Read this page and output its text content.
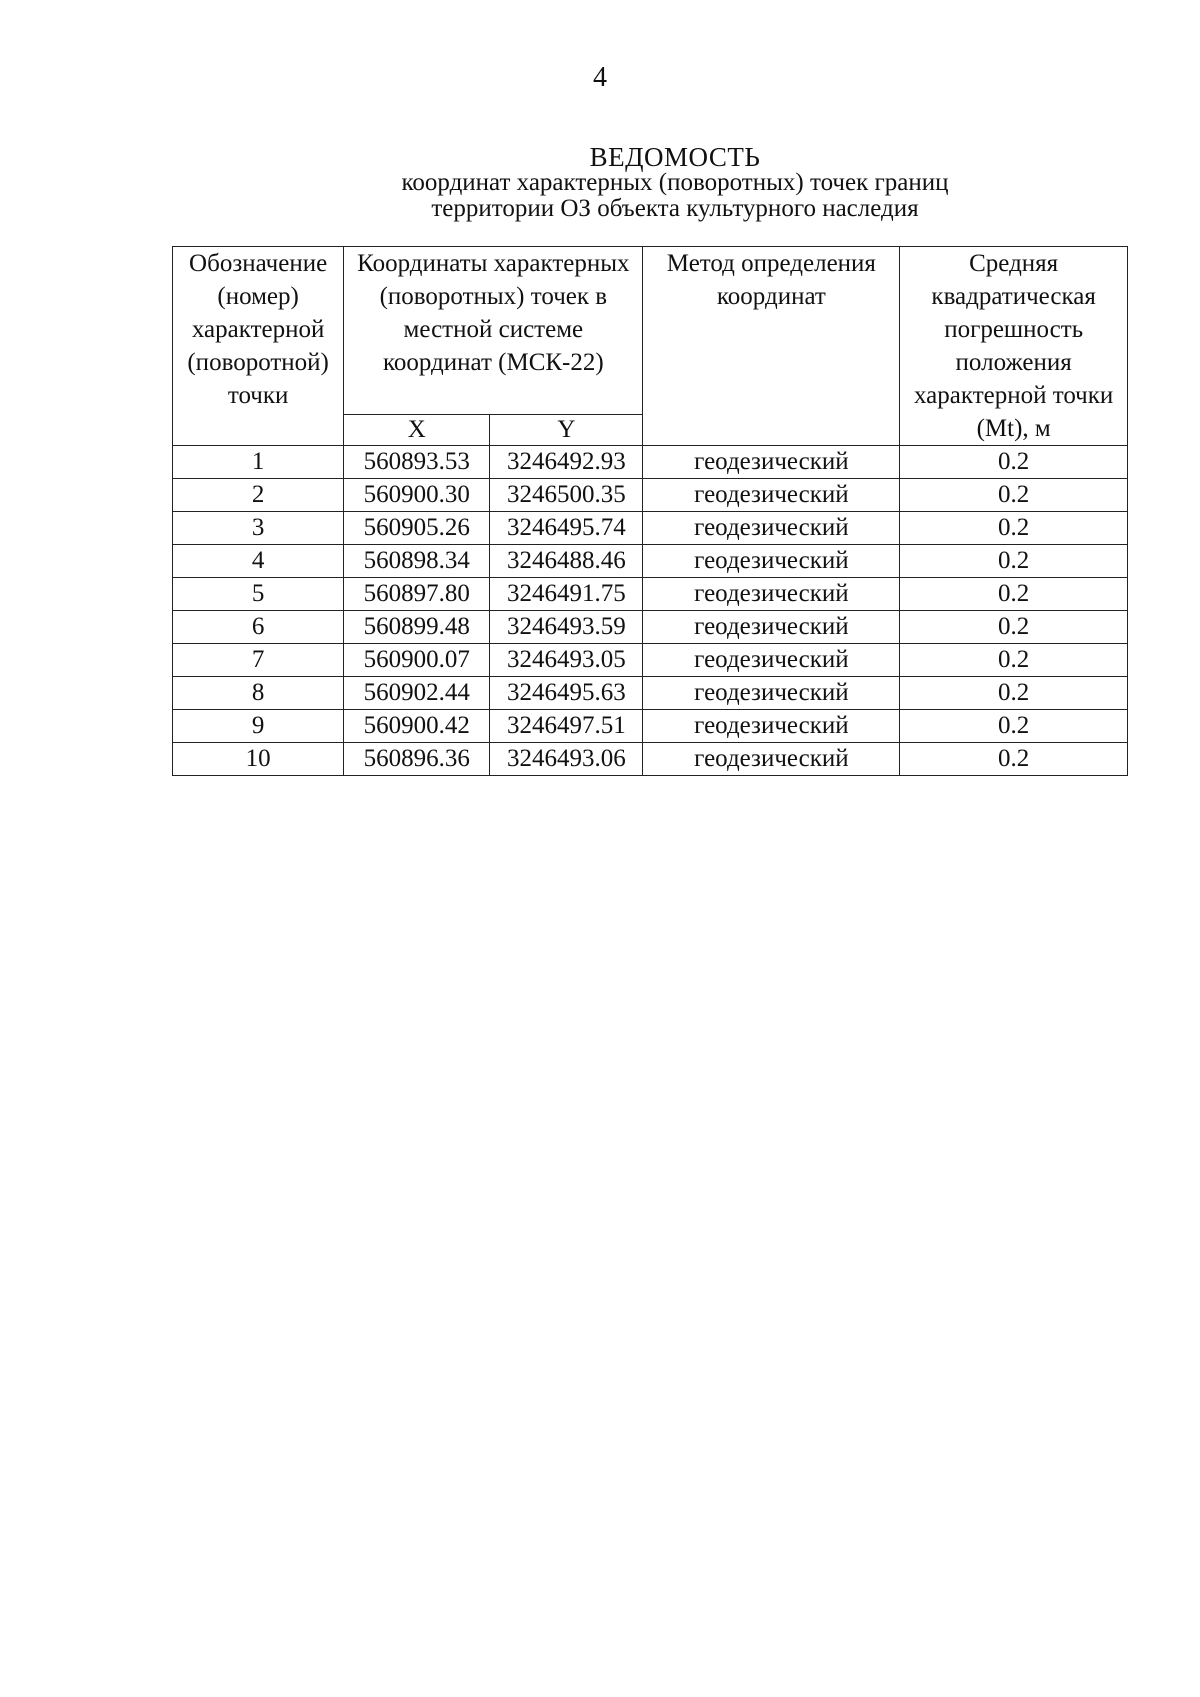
4
ВЕДОМОСТЬ
координат характерных (поворотных) точек границ
территории ОЗ объекта культурного наследия
Обозначение (номер) характерной (поворотной) точки	Координаты характерных (поворотных) точек в местной системе координат (МСК-22)		Метод определения координат	Средняя квадратическая погрешность положения характерной точки (Mt), м
	X	Y		
1	560893.53	3246492.93	геодезический	0.2
2	560900.30	3246500.35	геодезический	0.2
3	560905.26	3246495.74	геодезический	0.2
4	560898.34	3246488.46	геодезический	0.2
5	560897.80	3246491.75	геодезический	0.2
6	560899.48	3246493.59	геодезический	0.2
7	560900.07	3246493.05	геодезический	0.2
8	560902.44	3246495.63	геодезический	0.2
9	560900.42	3246497.51	геодезический	0.2
10	560896.36	3246493.06	геодезический	0.2
